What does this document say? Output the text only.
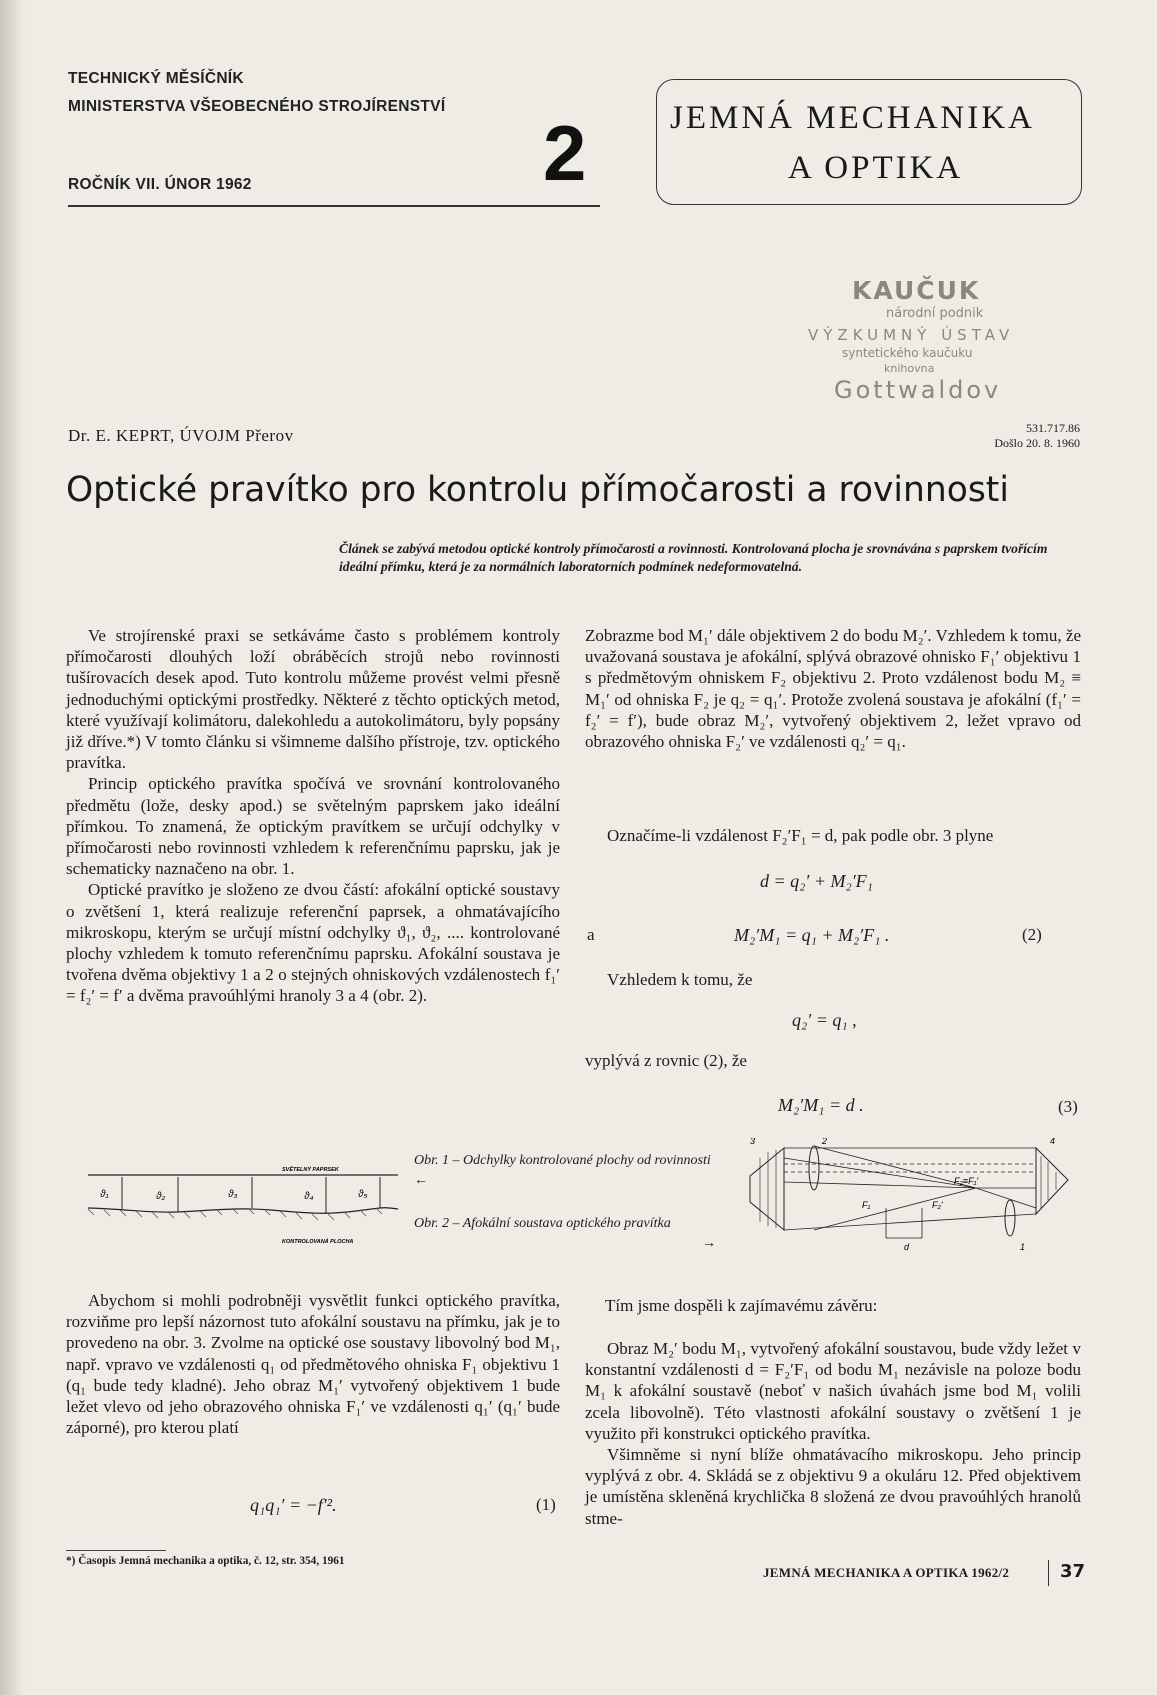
TECHNICKÝ MĚSÍČNÍK
MINISTERSTVA VŠEOBECNÉHO STROJÍRENSTVÍ
ROČNÍK VII. ÚNOR 1962	2	JEMNÁ MECHANIKA
A OPTIKA
KAUČUK
národní podnik
VÝZKUMNÝ ÚSTAV
syntetického kaučuku
knihovna
Gottwaldov
Dr. E. KEPRT, ÚVOJM Přerov	531.717.86
Došlo 20. 8. 1960
Optické pravítko pro kontrolu přímočarosti a rovinnosti
Článek se zabývá metodou optické kontroly přímočarosti a rovinnosti. Kontrolovaná plocha je srovnávána s paprskem tvořícím ideální přímku, která je za normálních laboratorních podmínek nedeformovatelná.

Ve strojírenské praxi se setkáváme často s problémem kontroly přímočarosti dlouhých loží obráběcích strojů nebo rovinnosti tušírovacích desek apod. Tuto kontrolu můžeme provést velmi přesně jednoduchými optickými prostředky. Některé z těchto optických metod, které využívají kolimátoru, dalekohledu a autokolimátoru, byly popsány již dříve.*) V tomto článku si všimneme dalšího přístroje, tzv. optického pravítka.

Princip optického pravítka spočívá ve srovnání kontrolovaného předmětu (lože, desky apod.) se světelným paprskem jako ideální přímkou. To znamená, že optickým pravítkem se určují odchylky v přímočarosti nebo rovinnosti vzhledem k referenčnímu paprsku, jak je schematicky naznačeno na obr. 1.

Optické pravítko je složeno ze dvou částí: afokální optické soustavy o zvětšení 1, která realizuje referenční paprsek, a ohmatávajícího mikroskopu, kterým se určují místní odchylky ϑ₁, ϑ₂, .... kontrolované plochy vzhledem k tomuto referenčnímu paprsku. Afokální soustava je tvořena dvěma objektivy 1 a 2 o stejných ohniskových vzdálenostech f₁′ = f₂′ = f′ a dvěma pravoúhlými hranoly 3 a 4 (obr. 2).

Zobrazme bod M₁′ dále objektivem 2 do bodu M₂′. Vzhledem k tomu, že uvažovaná soustava je afokální, splývá obrazové ohnisko F₁′ objektivu 1 s předmětovým ohniskem F₂ objektivu 2. Proto vzdálenost bodu M₂ ≡ M₁′ od ohniska F₂ je q₂ = q₁′. Protože zvolená soustava je afokální (f₁′ = f₂′ = f′), bude obraz M₂′, vytvořený objektivem 2, ležet vpravo od obrazového ohniska F₂′ ve vzdálenosti q₂′ = q₁.

Označíme-li vzdálenost F₂′F₁ = d, pak podle obr. 3 plyne

d = q₂′ + M₂′F₁
a	M₂′M₁ = q₁ + M₂′F₁ .	(2)

Vzhledem k tomu, že

q₂′ = q₁ ,

vyplývá z rovnic (2), že

M₂′M₁ = d .	(3)
SVĚTELNÝ PAPRSEK
ϑ₁	ϑ₂	ϑ₃	ϑ₄	ϑ₅
KONTROLOVANÁ PLOCHA
Obr. 1 – Odchylky kontrolované plochy od rovinnosti
←
Obr. 2 – Afokální soustava optického pravítka
→
3	2	4
F₂≡F₁′
F₁	F₂′
d	1

Abychom si mohli podrobněji vysvětlit funkci optického pravítka, rozviňme pro lepší názornost tuto afokální soustavu na přímku, jak je to provedeno na obr. 3. Zvolme na optické ose soustavy libovolný bod M₁, např. vpravo ve vzdálenosti q₁ od předmětového ohniska F₁ objektivu 1 (q₁ bude tedy kladné). Jeho obraz M₁′ vytvořený objektivem 1 bude ležet vlevo od jeho obrazového ohniska F₁′ ve vzdálenosti q₁′ (q₁′ bude záporné), pro kterou platí

q₁q₁′ = −f′².	(1)

Tím jsme dospěli k zajímavému závěru:

Obraz M₂′ bodu M₁, vytvořený afokální soustavou, bude vždy ležet v konstantní vzdálenosti d = F₂′F₁ od bodu M₁ nezávisle na poloze bodu M₁ k afokální soustavě (neboť v našich úvahách jsme bod M₁ volili zcela libovolně). Této vlastnosti afokální soustavy o zvětšení 1 je využito při konstrukci optického pravítka.

Všimněme si nyní blíže ohmatávacího mikroskopu. Jeho princip vyplývá z obr. 4. Skládá se z objektivu 9 a okuláru 12. Před objektivem je umístěna skleněná krychlička 8 složená ze dvou pravoúhlých hranolů stme-

*) Časopis Jemná mechanika a optika, č. 12, str. 354, 1961
JEMNÁ MECHANIKA A OPTIKA 1962/2	37
